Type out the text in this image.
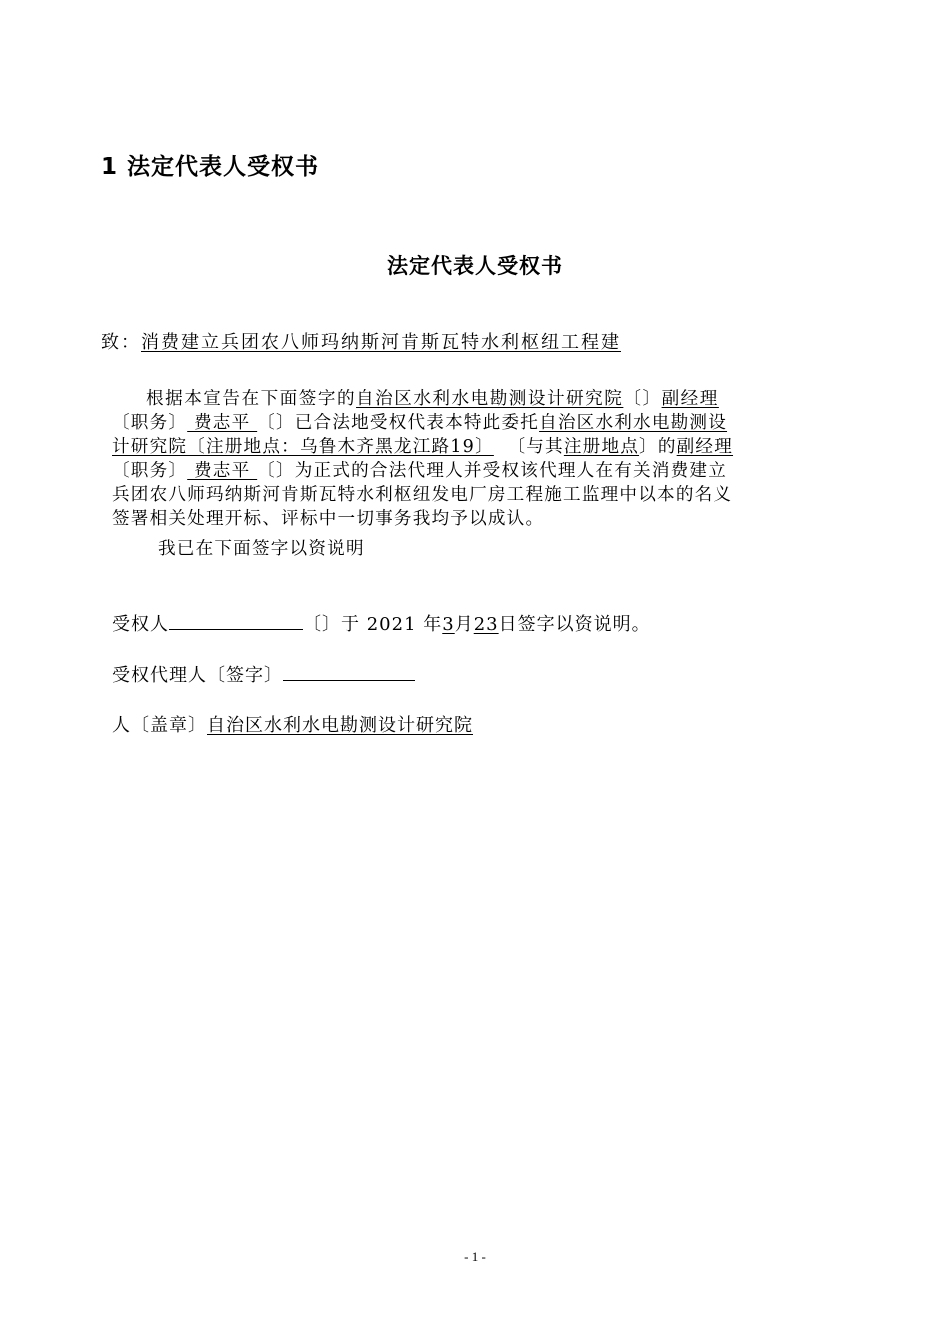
1 法定代表人受权书
法定代表人受权书
致：消费建立兵团农八师玛纳斯河肯斯瓦特水利枢纽工程建
根据本宣告在下面签字的自治区水利水电勘测设计研究院〔〕副经理
〔职务〕 费志平 〔〕已合法地受权代表本特此委托自治区水利水电勘测设
计研究院〔注册地点：乌鲁木齐黑龙江路19〕 〔与其注册地点〕的副经理
〔职务〕 费志平 〔〕为正式的合法代理人并受权该代理人在有关消费建立
兵团农八师玛纳斯河肯斯瓦特水利枢纽发电厂房工程施工监理中以本的名义
签署相关处理开标、评标中一切事务我均予以成认。
我已在下面签字以资说明
受权人	〔〕于 2021 年3月23日签字以资说明。
受权代理人〔签字〕
人〔盖章〕自治区水利水电勘测设计研究院
- 1 -
